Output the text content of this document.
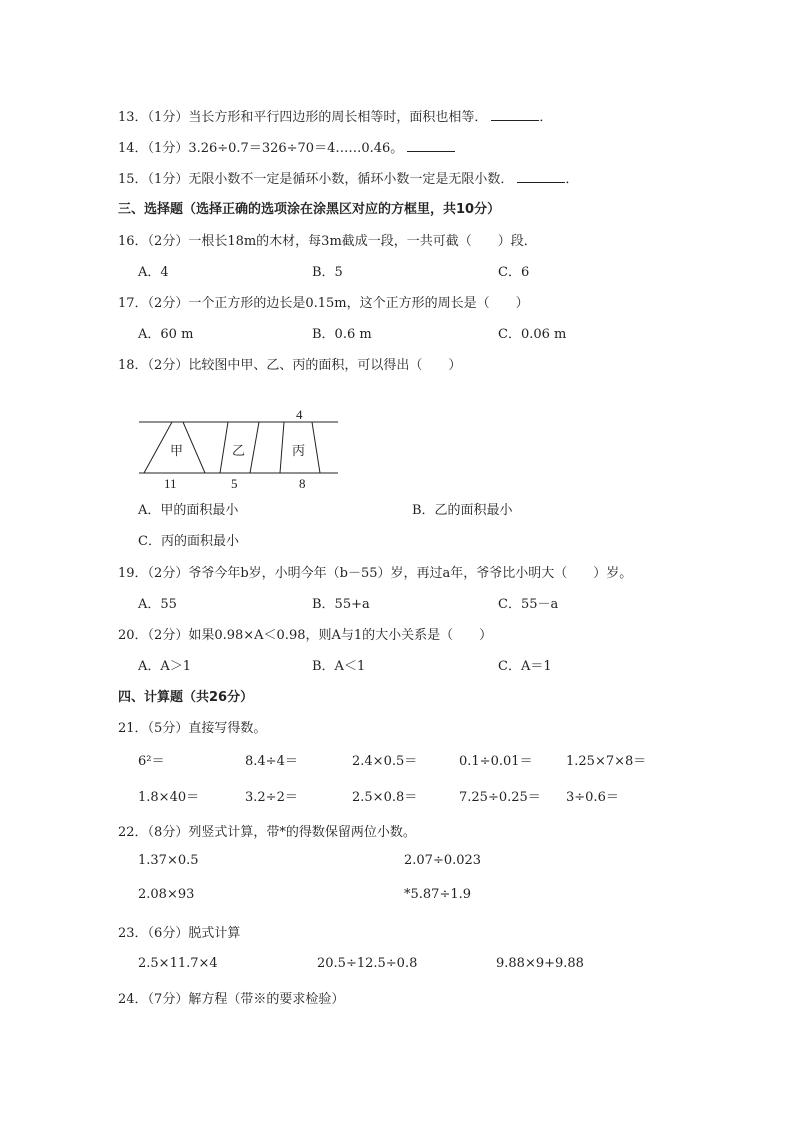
13．（1分）当长方形和平行四边形的周长相等时，面积也相等．	．
14．（1分）3.26÷0.7＝326÷70＝4……0.46。
15．（1分）无限小数不一定是循环小数，循环小数一定是无限小数．	．
三、选择题（选择正确的选项涂在涂黑区对应的方框里，共10分）
16．（2分）一根长18m的木材，每3m截成一段，一共可截（　　）段．
A．4	B．5	C．6
17．（2分）一个正方形的边长是0.15m，这个正方形的周长是（　　）
A．60 m	B．0.6 m	C．0.06 m
18．（2分）比较图中甲、乙、丙的面积，可以得出（　　）
甲	乙	丙
4
11	5	8
A．甲的面积最小	B．乙的面积最小
C．丙的面积最小
19．（2分）爷爷今年b岁，小明今年（b－55）岁，再过a年，爷爷比小明大（　　）岁。
A．55	B．55+a	C．55－a
20．（2分）如果0.98×A＜0.98，则A与1的大小关系是（　　）
A．A＞1	B．A＜1	C．A＝1
四、计算题（共26分）
21．（5分）直接写得数。
6²＝	8.4÷4＝	2.4×0.5＝	0.1÷0.01＝	1.25×7×8＝
1.8×40＝	3.2÷2＝	2.5×0.8＝	7.25÷0.25＝ 3÷0.6＝
22．（8分）列竖式计算，带*的得数保留两位小数。
1.37×0.5	2.07÷0.023
2.08×93	*5.87÷1.9
23．（6分）脱式计算
2.5×11.7×4	20.5÷12.5÷0.8	9.88×9+9.88
24．（7分）解方程（带※的要求检验）
